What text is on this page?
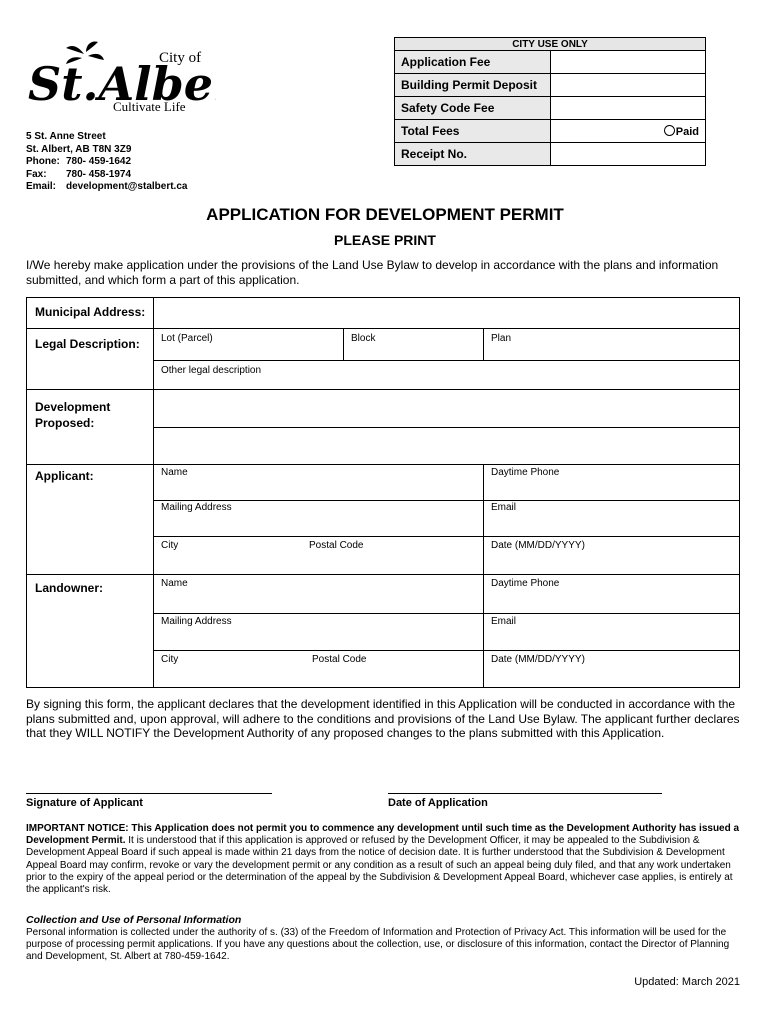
St.Albe
City of
Cultivate Life
5 St. Anne Street
St. Albert, AB T8N 3Z9
Phone: 780- 459-1642
Fax: 780- 458-1974
Email: development@stalbert.ca
CITY USE ONLY	
Application Fee	
Building Permit Deposit	
Safety Code Fee	
Total Fees	Paid

Receipt No.	
APPLICATION FOR DEVELOPMENT PERMIT
PLEASE PRINT
I/We hereby make application under the provisions of the Land Use Bylaw to develop in accordance with the plans and information submitted, and which form a part of this application.
Municipal Address:
Legal Description: Lot (Parcel)	Block	Plan
Other legal description
Development Proposed:
Applicant:	Name	Daytime Phone
Mailing Address	Email
City	Postal Code	Date (MM/DD/YYYY)
Landowner:	Name	Daytime Phone
Mailing Address	Email
City	Postal Code	Date (MM/DD/YYYY)
By signing this form, the applicant declares that the development identified in this Application will be conducted in accordance with the plans submitted and, upon approval, will adhere to the conditions and provisions of the Land Use Bylaw. The applicant further declares that they WILL NOTIFY the Development Authority of any proposed changes to the plans submitted with this Application.
Signature of Applicant	Date of Application
IMPORTANT NOTICE: This Application does not permit you to commence any development until such time as the Development Authority has issued a Development Permit. It is understood that if this application is approved or refused by the Development Officer, it may be appealed to the Subdivision & Development Appeal Board if such appeal is made within 21 days from the notice of decision date. It is further understood that the Subdivision & Development Appeal Board may confirm, revoke or vary the development permit or any condition as a result of such an appeal being duly filed, and that any work undertaken prior to the expiry of the appeal period or the determination of the appeal by the Subdivision & Development Appeal Board, whichever case applies, is entirely at the applicant's risk.
Collection and Use of Personal Information
Personal information is collected under the authority of s. (33) of the Freedom of Information and Protection of Privacy Act. This information will be used for the purpose of processing permit applications. If you have any questions about the collection, use, or disclosure of this information, contact the Director of Planning and Development, St. Albert at 780-459-1642.
Updated: March 2021
